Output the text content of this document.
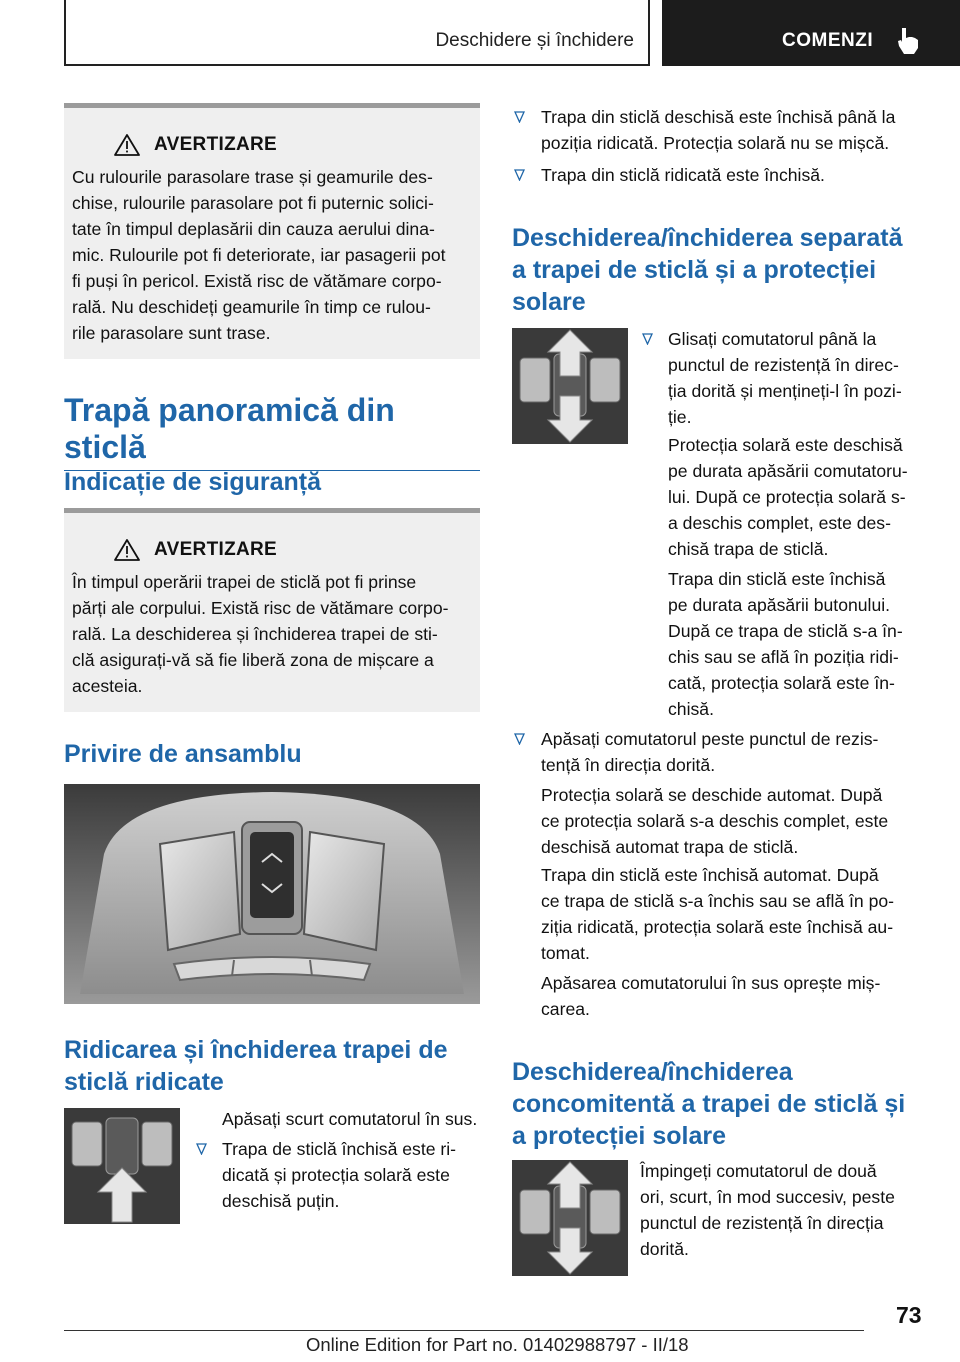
Deschidere și închidere	COMENZI
AVERTIZARE
Cu rulourile parasolare trase și geamurile des-
chise, rulourile parasolare pot fi puternic solici-
tate în timpul deplasării din cauza aerului dina-
mic. Rulourile pot fi deteriorate, iar pasagerii pot
fi puși în pericol. Există risc de vătămare corpo-
rală. Nu deschideți geamurile în timp ce rulou-
rile parasolare sunt trase.
Trapă panoramică din sticlă
Indicație de siguranță
AVERTIZARE
În timpul operării trapei de sticlă pot fi prinse
părți ale corpului. Există risc de vătămare corpo-
rală. La deschiderea și închiderea trapei de sti-
clă asigurați-vă să fie liberă zona de mișcare a
acesteia.
Privire de ansamblu
Ridicarea și închiderea trapei de
sticlă ridicate
Apăsați scurt comutatorul în sus.
Trapa de sticlă închisă este ri-
dicată și protecția solară este
deschisă puțin.
Trapa din sticlă deschisă este închisă până la
poziția ridicată. Protecția solară nu se mișcă.
Trapa din sticlă ridicată este închisă.
Deschiderea/închiderea separată
a trapei de sticlă și a protecției
solare
Glisați comutatorul până la
punctul de rezistență în direc-
ția dorită și mențineți-l în pozi-
ție.
Protecția solară este deschisă
pe durata apăsării comutatoru-
lui. După ce protecția solară s-
a deschis complet, este des-
chisă trapa de sticlă.
Trapa din sticlă este închisă
pe durata apăsării butonului.
După ce trapa de sticlă s-a în-
chis sau se află în poziția ridi-
cată, protecția solară este în-
chisă.
Apăsați comutatorul peste punctul de rezis-
tență în direcția dorită.
Protecția solară se deschide automat. După
ce protecția solară s-a deschis complet, este
deschisă automat trapa de sticlă.
Trapa din sticlă este închisă automat. După
ce trapa de sticlă s-a închis sau se află în po-
ziția ridicată, protecția solară este închisă au-
tomat.
Apăsarea comutatorului în sus oprește miș-
carea.
Deschiderea/închiderea
concomitentă a trapei de sticlă și
a protecției solare
Împingeți comutatorul de două
ori, scurt, în mod succesiv, peste
punctul de rezistență în direcția
dorită.
73
Online Edition for Part no. 01402988797 - II/18
